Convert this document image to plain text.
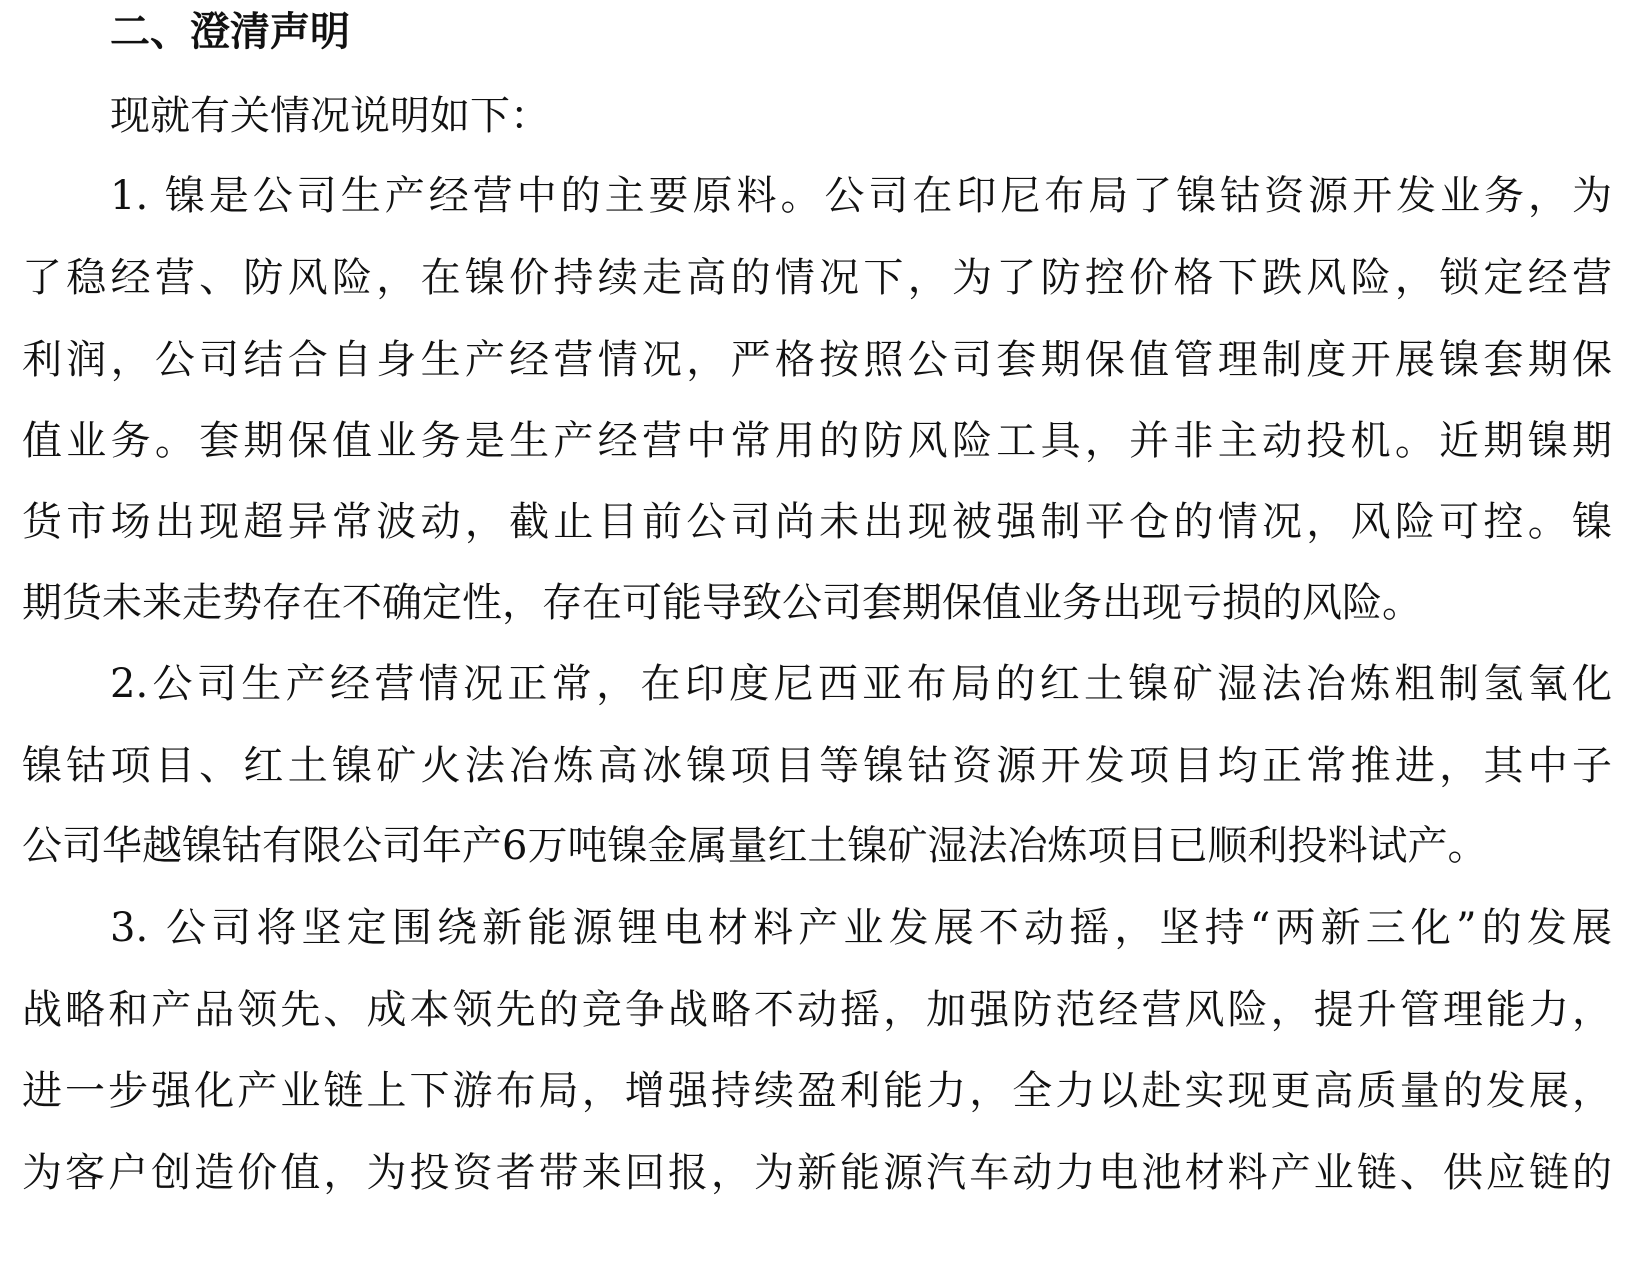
二、澄清声明
现就有关情况说明如下：
1. 镍是公司生产经营中的主要原料。公司在印尼布局了镍钴资源开发业务，为
了稳经营、防风险，在镍价持续走高的情况下，为了防控价格下跌风险，锁定经营
利润，公司结合自身生产经营情况，严格按照公司套期保值管理制度开展镍套期保
值业务。套期保值业务是生产经营中常用的防风险工具，并非主动投机。近期镍期
货市场出现超异常波动，截止目前公司尚未出现被强制平仓的情况，风险可控。镍
期货未来走势存在不确定性，存在可能导致公司套期保值业务出现亏损的风险。
2.公司生产经营情况正常，在印度尼西亚布局的红土镍矿湿法冶炼粗制氢氧化
镍钴项目、红土镍矿火法冶炼高冰镍项目等镍钴资源开发项目均正常推进，其中子
公司华越镍钴有限公司年产6万吨镍金属量红土镍矿湿法冶炼项目已顺利投料试产。
3. 公司将坚定围绕新能源锂电材料产业发展不动摇，坚持“两新三化”的发展
战略和产品领先、成本领先的竞争战略不动摇，加强防范经营风险，提升管理能力，
进一步强化产业链上下游布局，增强持续盈利能力，全力以赴实现更高质量的发展，
为客户创造价值，为投资者带来回报，为新能源汽车动力电池材料产业链、供应链的
